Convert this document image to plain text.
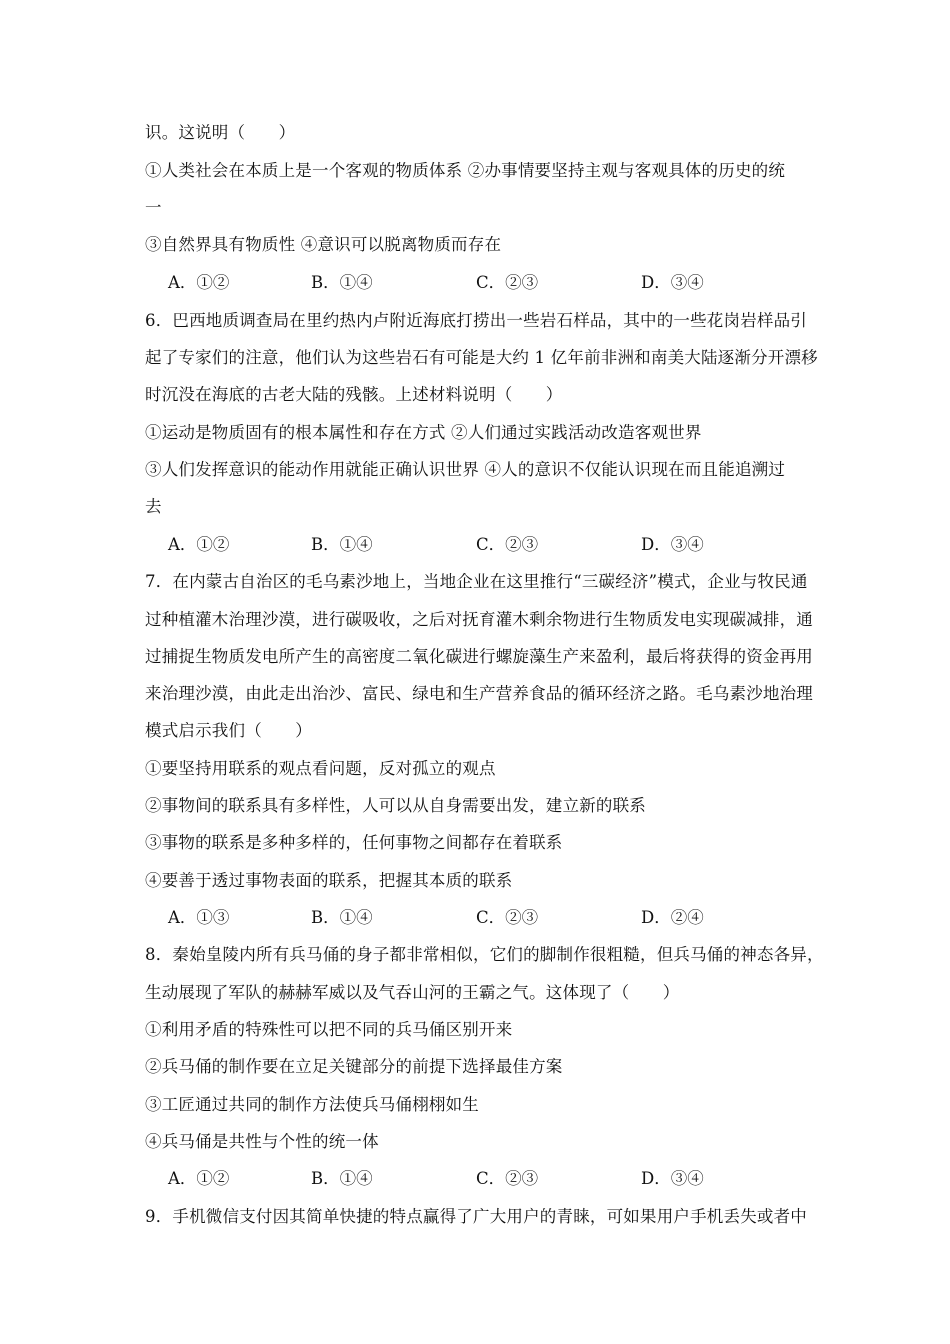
识。这说明（　　）
①人类社会在本质上是一个客观的物质体系 ②办事情要坚持主观与客观具体的历史的统
一
③自然界具有物质性 ④意识可以脱离物质而存在
A．①②	B．①④	C．②③	D．③④
6．巴西地质调查局在里约热内卢附近海底打捞出一些岩石样品，其中的一些花岗岩样品引
起了专家们的注意，他们认为这些岩石有可能是大约 1 亿年前非洲和南美大陆逐渐分开漂移
时沉没在海底的古老大陆的残骸。上述材料说明（　　）
①运动是物质固有的根本属性和存在方式 ②人们通过实践活动改造客观世界
③人们发挥意识的能动作用就能正确认识世界 ④人的意识不仅能认识现在而且能追溯过
去
A．①②	B．①④	C．②③	D．③④
7．在内蒙古自治区的毛乌素沙地上，当地企业在这里推行“三碳经济”模式，企业与牧民通
过种植灌木治理沙漠，进行碳吸收，之后对抚育灌木剩余物进行生物质发电实现碳减排，通
过捕捉生物质发电所产生的高密度二氧化碳进行螺旋藻生产来盈利，最后将获得的资金再用
来治理沙漠，由此走出治沙、富民、绿电和生产营养食品的循环经济之路。毛乌素沙地治理
模式启示我们（　　）
①要坚持用联系的观点看问题，反对孤立的观点
②事物间的联系具有多样性，人可以从自身需要出发，建立新的联系
③事物的联系是多种多样的，任何事物之间都存在着联系
④要善于透过事物表面的联系，把握其本质的联系
A．①③	B．①④	C．②③	D．②④
8．秦始皇陵内所有兵马俑的身子都非常相似，它们的脚制作很粗糙，但兵马俑的神态各异，
生动展现了军队的赫赫军威以及气吞山河的王霸之气。这体现了（　　）
①利用矛盾的特殊性可以把不同的兵马俑区别开来
②兵马俑的制作要在立足关键部分的前提下选择最佳方案
③工匠通过共同的制作方法使兵马俑栩栩如生
④兵马俑是共性与个性的统一体
A．①②	B．①④	C．②③	D．③④
9．手机微信支付因其简单快捷的特点赢得了广大用户的青睐，可如果用户手机丢失或者中
